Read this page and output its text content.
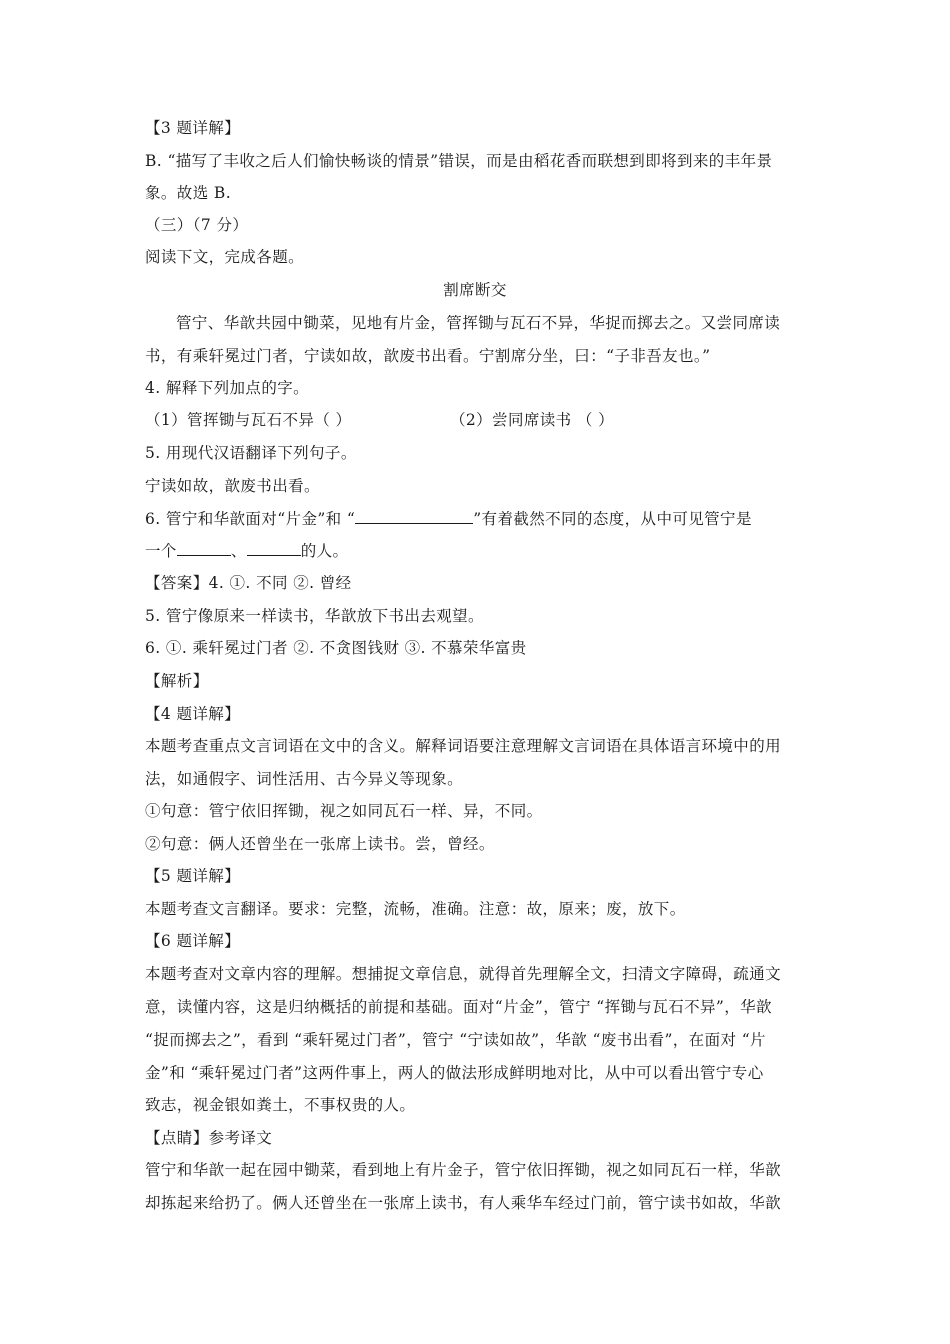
【3 题详解】
B. “描写了丰收之后人们愉快畅谈的情景”错误，而是由稻花香而联想到即将到来的丰年景
象。故选 B.
（三）（7 分）
阅读下文，完成各题。
割席断交
管宁、华歆共园中锄菜，见地有片金，管挥锄与瓦石不异，华捉而掷去之。又尝同席读
书，有乘轩冕过门者，宁读如故，歆废书出看。宁割席分坐，曰：“子非吾友也。”
4. 解释下列加点的字。
（1）管挥锄与瓦石不异（ ）	（2）尝同席读书 （ ）
5. 用现代汉语翻译下列句子。
宁读如故，歆废书出看。
6. 管宁和华歆面对“片金”和 “	”有着截然不同的态度，从中可见管宁是
一个	、	的人。
【答案】4. ①. 不同 ②. 曾经
5. 管宁像原来一样读书，华歆放下书出去观望。
6. ①. 乘轩冕过门者 ②. 不贪图钱财 ③. 不慕荣华富贵
【解析】
【4 题详解】
本题考查重点文言词语在文中的含义。解释词语要注意理解文言词语在具体语言环境中的用
法，如通假字、词性活用、古今异义等现象。
①句意：管宁依旧挥锄，视之如同瓦石一样、异，不同。
②句意：俩人还曾坐在一张席上读书。尝，曾经。
【5 题详解】
本题考查文言翻译。要求：完整，流畅，准确。注意：故，原来；废，放下。
【6 题详解】
本题考查对文章内容的理解。想捕捉文章信息，就得首先理解全文，扫清文字障碍，疏通文
意，读懂内容，这是归纳概括的前提和基础。面对“片金”，管宁 “挥锄与瓦石不异”，华歆
“捉而掷去之”，看到 “乘轩冕过门者”，管宁 “宁读如故”，华歆 “废书出看”，在面对 “片
金”和 “乘轩冕过门者”这两件事上，两人的做法形成鲜明地对比，从中可以看出管宁专心
致志，视金银如粪土，不事权贵的人。
【点睛】参考译文
管宁和华歆一起在园中锄菜，看到地上有片金子，管宁依旧挥锄，视之如同瓦石一样，华歆
却拣起来给扔了。俩人还曾坐在一张席上读书，有人乘华车经过门前，管宁读书如故，华歆
